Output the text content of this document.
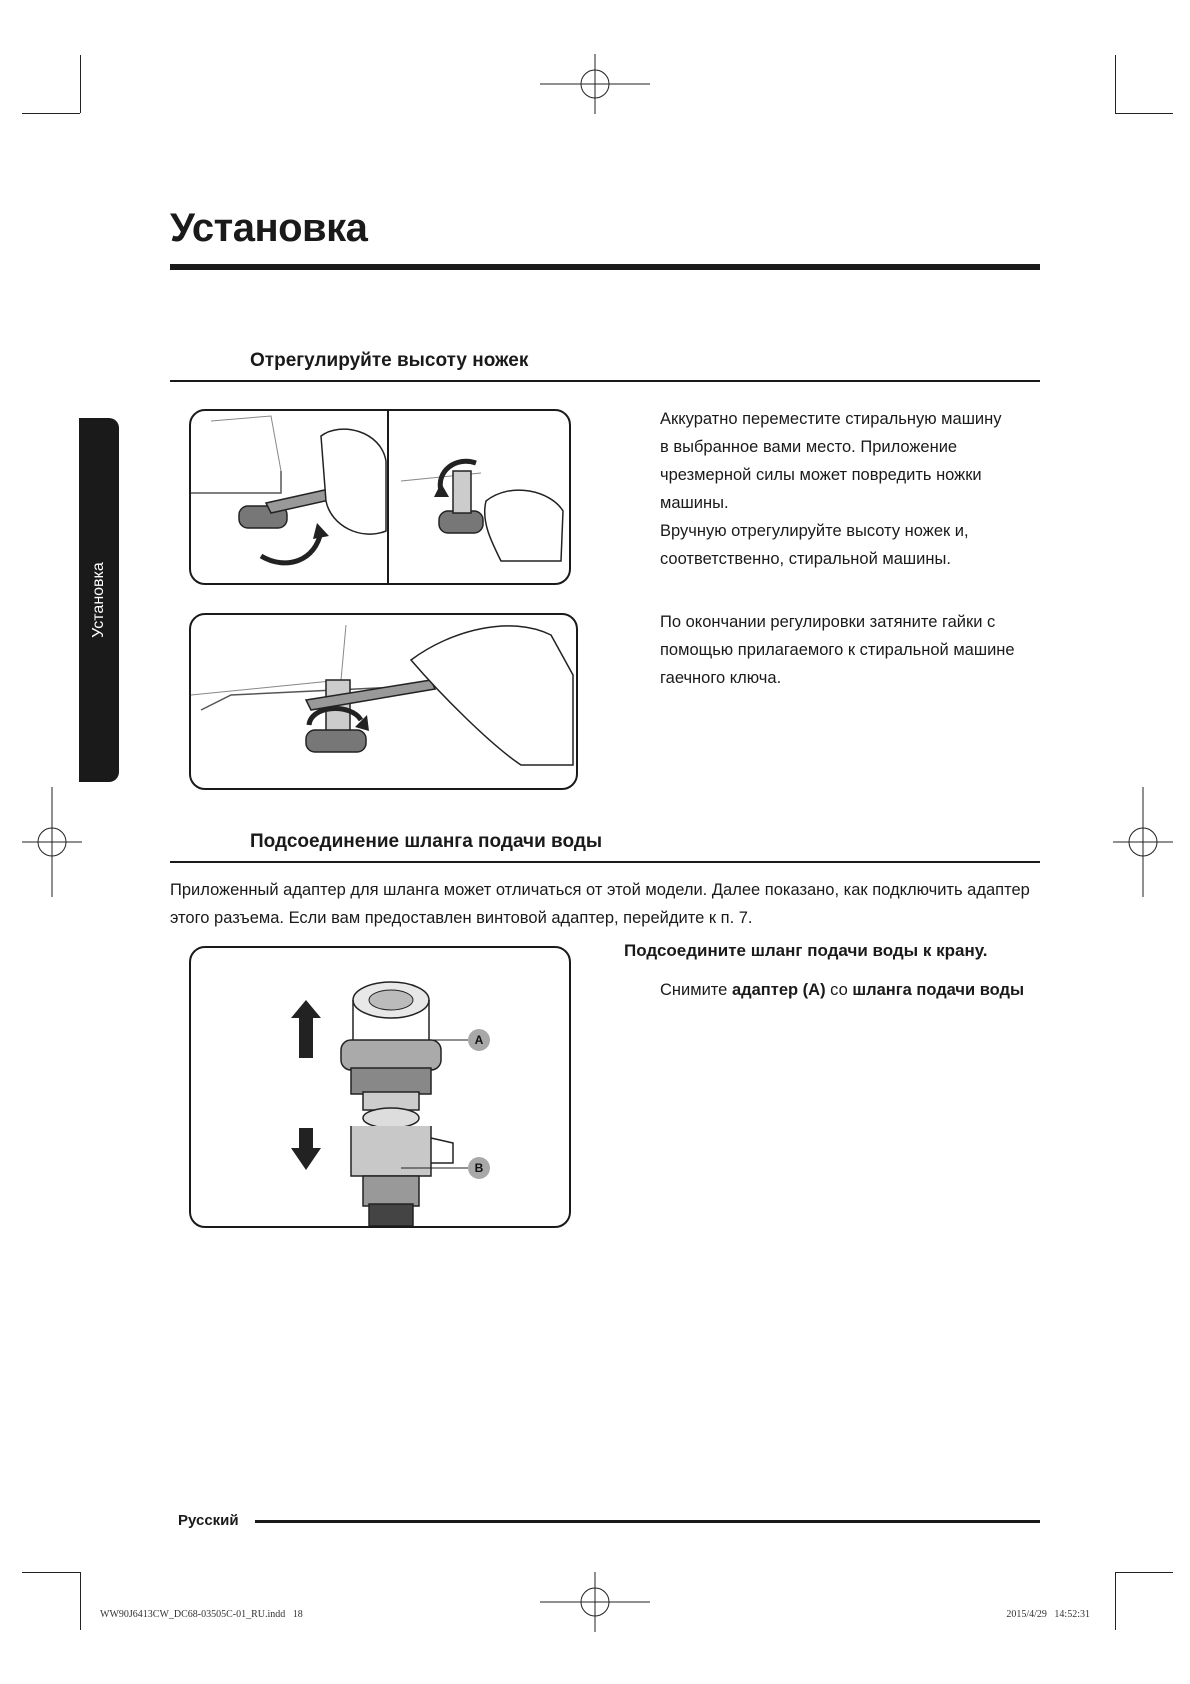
Установка
Установка
Отрегулируйте высоту ножек
Аккуратно переместите стиральную машину
в выбранное вами место. Приложение
чрезмерной силы может повредить ножки
машины.
Вручную отрегулируйте высоту ножек и,
соответственно, стиральной машины.
По окончании регулировки затяните гайки с
помощью прилагаемого к стиральной машине
гаечного ключа.
Подсоединение шланга подачи воды
Приложенный адаптер для шланга может отличаться от этой модели. Далее показано, как подключить адаптер
этого разъема. Если вам предоставлен винтовой адаптер, перейдите к п. 7.
A
B
Подсоедините шланг подачи воды к крану.
Снимите адаптер (A) со шланга подачи воды
Русский
WW90J6413CW_DC68-03505C-01_RU.indd   18	2015/4/29   14:52:31
